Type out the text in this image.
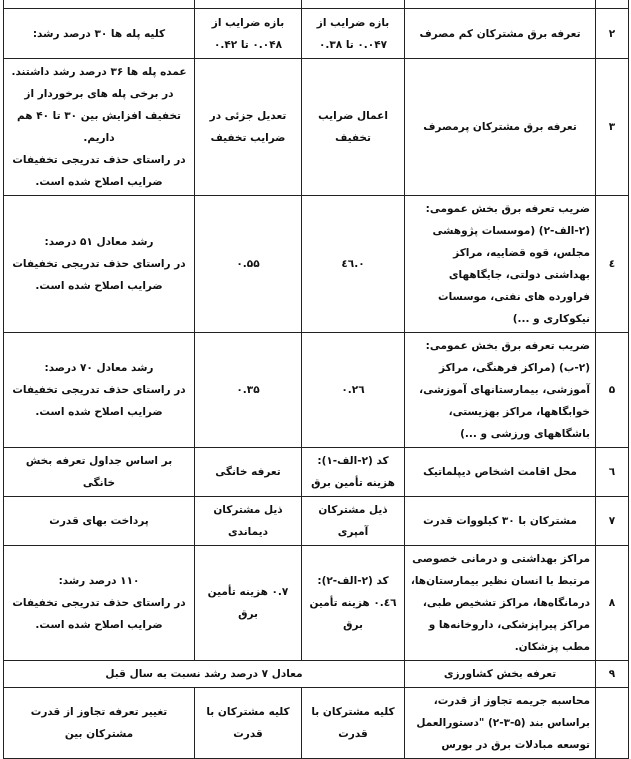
۲	تعرفه برق مشترکان کم مصرف	بازه ضرایب از ۰.۰۴۷ تا ۰.۳۸	بازه ضرایب از ۰.۰۴۸ تا ۰.۴۲	کلیه پله ها ۳۰ درصد رشد:
۳	تعرفه برق مشترکان پرمصرف	اعمال ضرایب تخفیف	تعدیل جزئی در ضرایب تخفیف	عمده پله ها ۳۶ درصد رشد داشتند. در برخی پله های برخوردار از تخفیف افزایش بین ۳۰ تا ۴۰ هم داریم.
در راستای حذف تدریجی تخفیفات ضرایب اصلاح شده است.

٤	ضریب تعرفه برق بخش عمومی: (۲-الف-۲) (موسسات پژوهشی مجلس، قوه قضاییه، مراکز بهداشتی دولتی، جایگاههای فراورده های نفتی، موسسات نیکوکاری و ...)	۰.٤٦	۰.۵۵	رشد معادل ۵۱ درصد:
در راستای حذف تدریجی تخفیفات ضرایب اصلاح شده است.

۵	ضریب تعرفه برق بخش عمومی: (۲-ب) (مراکز فرهنگی، مراکز آموزشی، بیمارستانهای آموزشی، خوابگاهها، مراکز بهزیستی، باشگاههای ورزشی و ...)	۰.۲٦	۰.۳۵	رشد معادل ۷۰ درصد:
در راستای حذف تدریجی تخفیفات ضرایب اصلاح شده است.

٦	محل اقامت اشخاص دیپلماتیک	کد (۲-الف-۱): هزینه تأمین برق	تعرفه خانگی	بر اساس جداول تعرفه بخش خانگی
۷	مشترکان با ۳۰ کیلووات قدرت	ذیل مشترکان آمپری	ذیل مشترکان دیماندی	پرداخت بهای قدرت
۸	مراکز بهداشتی و درمانی خصوصی مرتبط با انسان نظیر بیمارستان‌ها، درمانگاه‌ها، مراکز تشخیص طبی، مراکز پیراپزشکی، داروخانه‌ها و مطب پزشکان.	کد (۲-الف-۲): ۰.٤٦ هزینه تأمین برق	۰.۷ هزینه تأمین برق	۱۱۰ درصد رشد:
در راستای حذف تدریجی تخفیفات ضرایب اصلاح شده است.

۹	تعرفه بخش کشاورزی	معادل ۷ درصد رشد نسبت به سال قبل		
	محاسبه جریمه تجاوز از قدرت، براساس بند (۵-۳-۲) "دستورالعمل توسعه مبادلات برق در بورس	کلیه مشترکان با قدرت	کلیه مشترکان با قدرت	تغییر تعرفه تجاوز از قدرت مشترکان بین
